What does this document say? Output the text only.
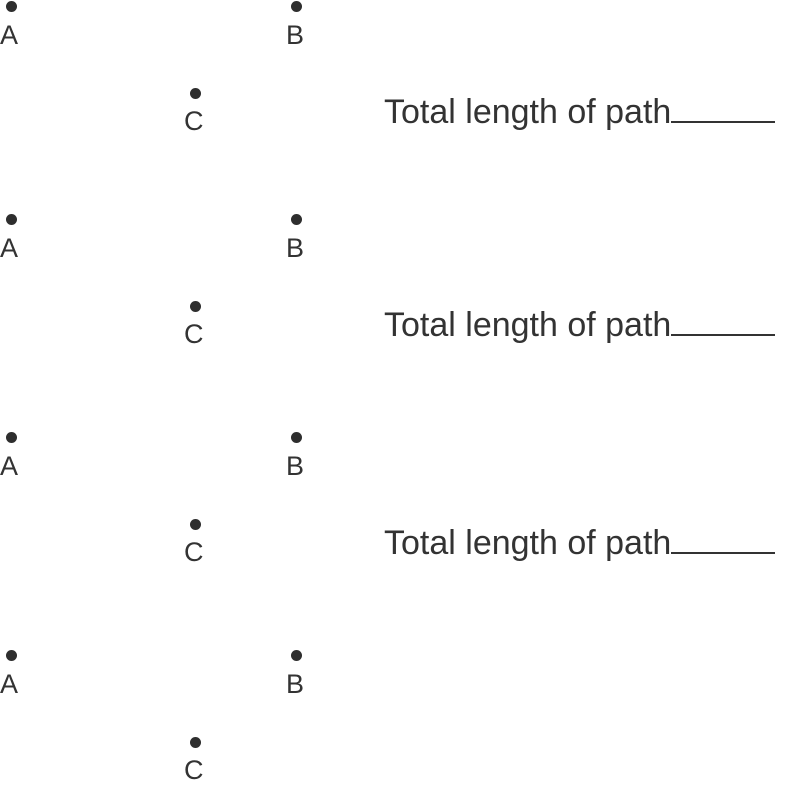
A	B
C	Total length of path
A	B
C	Total length of path
A	B
C	Total length of path
A	B
C
